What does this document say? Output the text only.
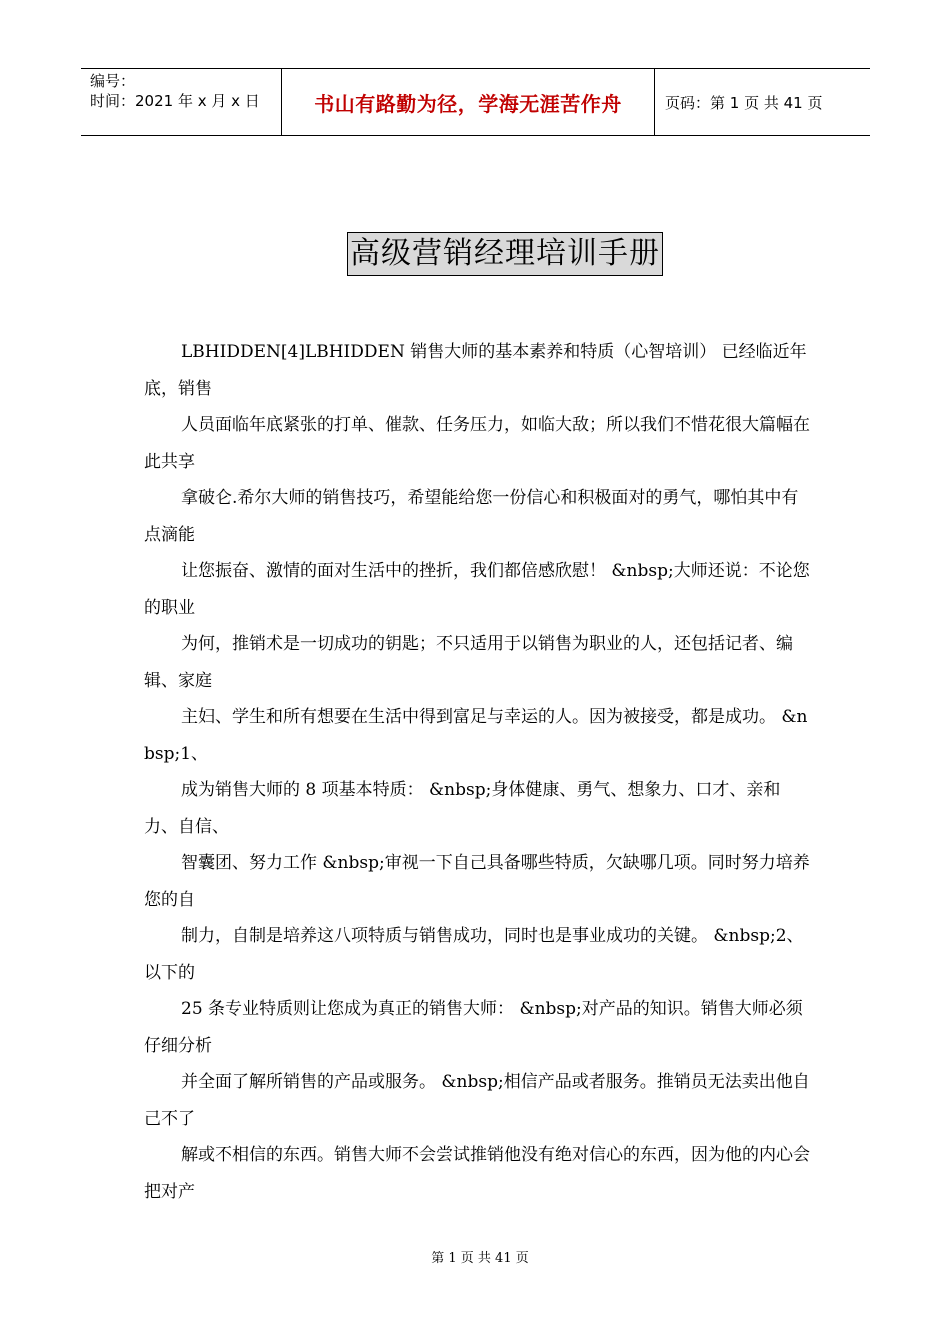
编号：
时间：2021 年 x 月 x 日	书山有路勤为径，学海无涯苦作舟	页码：第 1 页 共 41 页
高级营销经理培训手册

LBHIDDEN[4]LBHIDDEN 销售大师的基本素养和特质（心智培训） 已经临近年底，销售

人员面临年底紧张的打单、催款、任务压力，如临大敌；所以我们不惜花很大篇幅在此共享

拿破仑.希尔大师的销售技巧，希望能给您一份信心和积极面对的勇气，哪怕其中有点滴能

让您振奋、激情的面对生活中的挫折，我们都倍感欣慰！ &nbsp;大师还说：不论您的职业

为何，推销术是一切成功的钥匙；不只适用于以销售为职业的人，还包括记者、编辑、家庭

主妇、学生和所有想要在生活中得到富足与幸运的人。因为被接受，都是成功。 &nbsp;1、

成为销售大师的 8 项基本特质： &nbsp;身体健康、勇气、想象力、口才、亲和力、自信、

智囊团、努力工作 &nbsp;审视一下自己具备哪些特质，欠缺哪几项。同时努力培养您的自

制力，自制是培养这八项特质与销售成功，同时也是事业成功的关键。 &nbsp;2、以下的

25 条专业特质则让您成为真正的销售大师： &nbsp;对产品的知识。销售大师必须仔细分析

并全面了解所销售的产品或服务。 &nbsp;相信产品或者服务。推销员无法卖出他自己不了

解或不相信的东西。销售大师不会尝试推销他没有绝对信心的东西，因为他的内心会把对产

第 1 页 共 41 页
